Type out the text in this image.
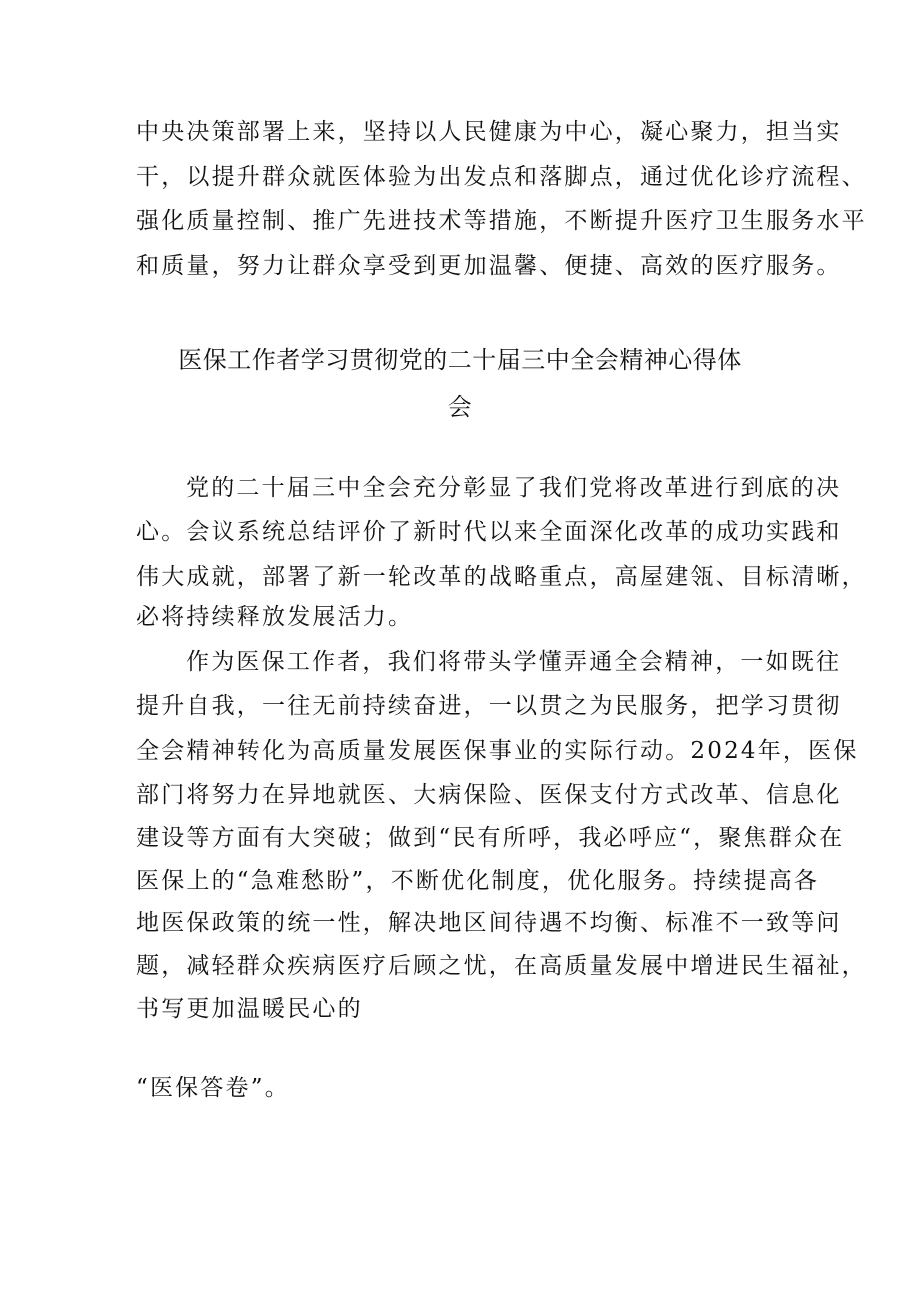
中央决策部署上来，坚持以人民健康为中心，凝心聚力，担当实
干，以提升群众就医体验为出发点和落脚点，通过优化诊疗流程、
强化质量控制、推广先进技术等措施，不断提升医疗卫生服务水平
和质量，努力让群众享受到更加温馨、便捷、高效的医疗服务。
医保工作者学习贯彻党的二十届三中全会精神心得体
会
党的二十届三中全会充分彰显了我们党将改革进行到底的决
心。会议系统总结评价了新时代以来全面深化改革的成功实践和
伟大成就，部署了新一轮改革的战略重点，高屋建瓴、目标清晰，
必将持续释放发展活力。
作为医保工作者，我们将带头学懂弄通全会精神，一如既往
提升自我，一往无前持续奋进，一以贯之为民服务，把学习贯彻
全会精神转化为高质量发展医保事业的实际行动。2024年，医保
部门将努力在异地就医、大病保险、医保支付方式改革、信息化
建设等方面有大突破；做到“民有所呼，我必呼应“，聚焦群众在
医保上的“急难愁盼”，不断优化制度，优化服务。持续提高各
地医保政策的统一性，解决地区间待遇不均衡、标准不一致等问
题，减轻群众疾病医疗后顾之忧，在高质量发展中增进民生福祉，
书写更加温暖民心的
“医保答卷”。
